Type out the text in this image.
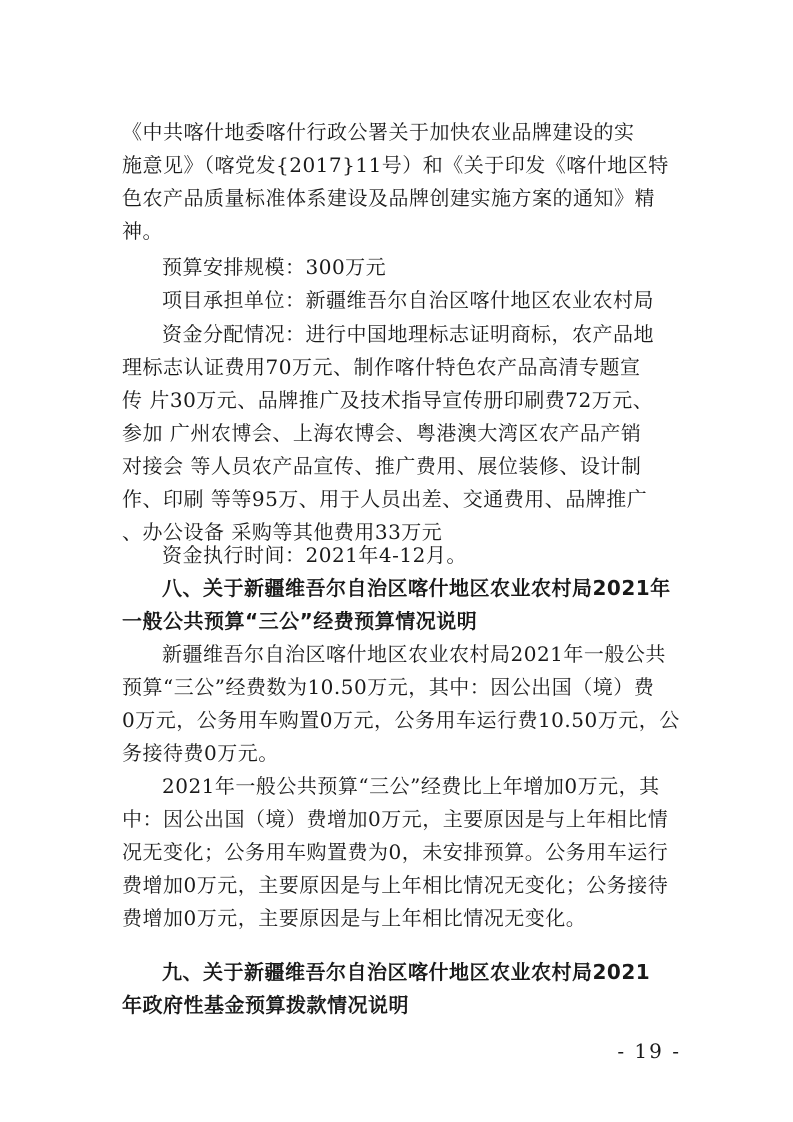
《中共喀什地委喀什行政公署关于加快农业品牌建设的实

施意见》（喀党发{2017}11号）和《关于印发《喀什地区特

色农产品质量标准体系建设及品牌创建实施方案的通知》精

神。

预算安排规模：300万元

项目承担单位：新疆维吾尔自治区喀什地区农业农村局

资金分配情况：进行中国地理标志证明商标，农产品地

理标志认证费用70万元、制作喀什特色农产品高清专题宣

传 片30万元、品牌推广及技术指导宣传册印刷费72万元、

参加 广州农博会、上海农博会、粤港澳大湾区农产品产销

对接会 等人员农产品宣传、推广费用、展位装修、设计制

作、印刷 等等95万、用于人员出差、交通费用、品牌推广

、办公设备 采购等其他费用33万元

资金执行时间：2021年4-12月。

八、关于新疆维吾尔自治区喀什地区农业农村局2021年
一般公共预算“三公”经费预算情况说明

新疆维吾尔自治区喀什地区农业农村局2021年一般公共

预算“三公”经费数为10.50万元，其中：因公出国（境）费

0万元，公务用车购置0万元，公务用车运行费10.50万元，公

务接待费0万元。

2021年一般公共预算“三公”经费比上年增加0万元，其

中：因公出国（境）费增加0万元，主要原因是与上年相比情

况无变化；公务用车购置费为0，未安排预算。公务用车运行

费增加0万元，主要原因是与上年相比情况无变化；公务接待

费增加0万元，主要原因是与上年相比情况无变化。

九、关于新疆维吾尔自治区喀什地区农业农村局2021
年政府性基金预算拨款情况说明
- 19 -
